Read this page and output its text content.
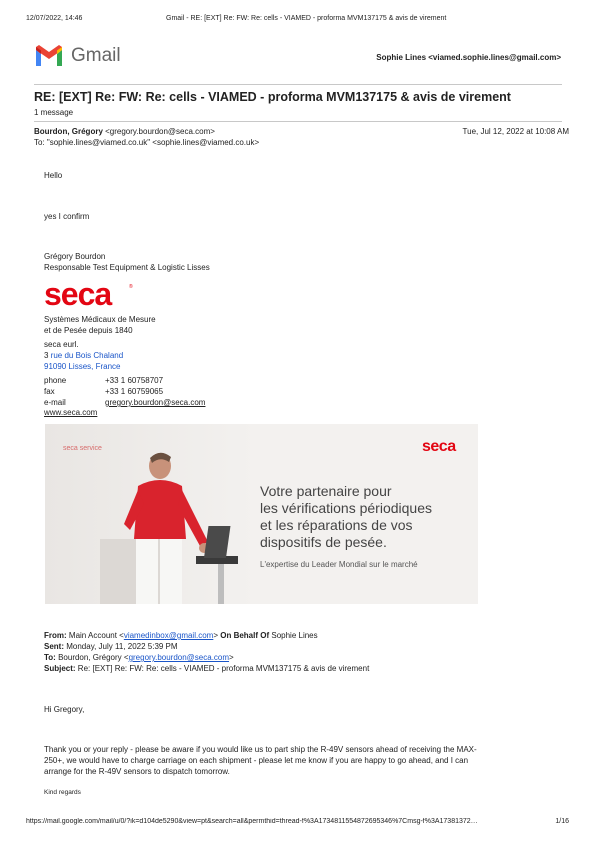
12/07/2022, 14:46	Gmail - RE: [EXT] Re: FW: Re: cells - VIAMED - proforma MVM137175 & avis de virement
Gmail	Sophie Lines <viamed.sophie.lines@gmail.com>
RE: [EXT] Re: FW: Re: cells - VIAMED - proforma MVM137175 & avis de virement
1 message
Bourdon, Grégory <gregory.bourdon@seca.com>	Tue, Jul 12, 2022 at 10:08 AM
To: "sophie.lines@viamed.co.uk" <sophie.lines@viamed.co.uk>
Hello
yes I confirm
Grégory Bourdon
Responsable Test Equipment & Logistic Lisses
seca	®
Systèmes Médicaux de Mesure
et de Pesée depuis 1840
seca eurl.
3 rue du Bois Chaland
91090 Lisses, France
phone	+33 1 60758707
fax	+33 1 60759065
e-mail	gregory.bourdon@seca.com
www.seca.com
seca service	seca
Votre partenaire pour
les vérifications périodiques
et les réparations de vos
dispositifs de pesée.
L'expertise du Leader Mondial sur le marché
From: Main Account <viamedinbox@gmail.com> On Behalf Of Sophie Lines
Sent: Monday, July 11, 2022 5:39 PM
To: Bourdon, Grégory <gregory.bourdon@seca.com>
Subject: Re: [EXT] Re: FW: Re: cells - VIAMED - proforma MVM137175 & avis de virement
Hi Gregory,
Thank you or your reply - please be aware if you would like us to part ship the R-49V sensors ahead of receiving the MAX-
250+, we would have to charge carriage on each shipment - please let me know if you are happy to go ahead, and I can
arrange for the R-49V sensors to dispatch tomorrow.
Kind regards
https://mail.google.com/mail/u/0/?ik=d104de5290&view=pt&search=all&permthid=thread-f%3A1734811554872695346%7Cmsg-f%3A17381372…	1/16
